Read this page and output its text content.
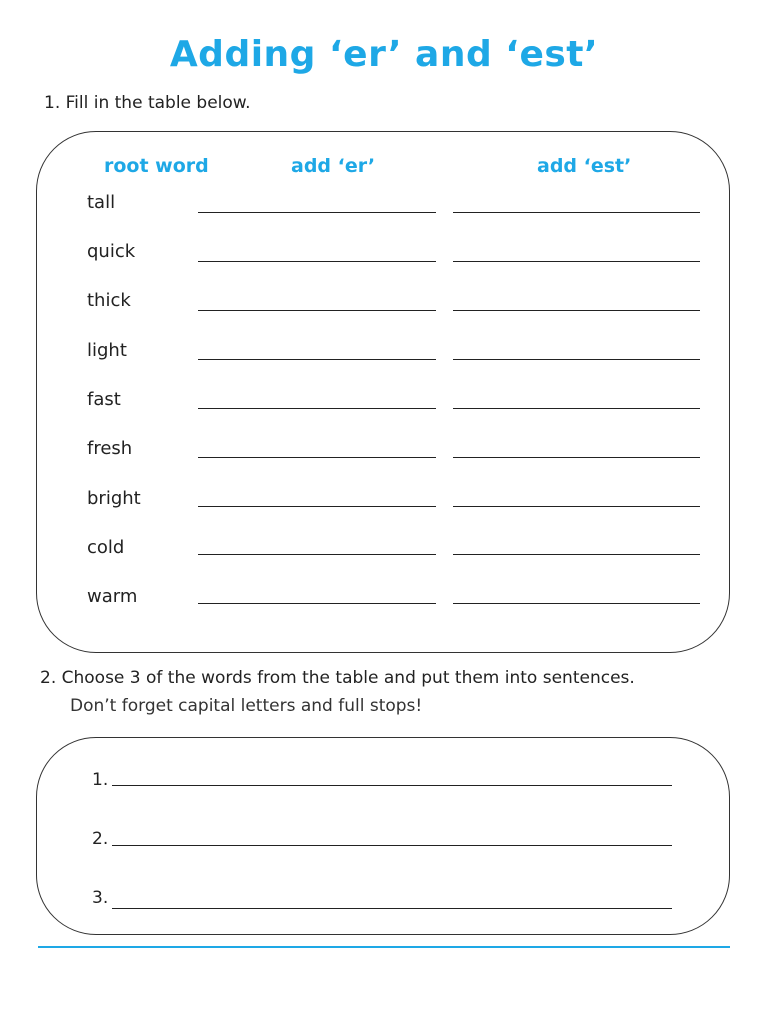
Adding ‘er’ and ‘est’
1. Fill in the table below.
root word	add ‘er’	add ‘est’
tall
quick
thick
light
fast
fresh
bright
cold
warm
2. Choose 3 of the words from the table and put them into sentences.
Don’t forget capital letters and full stops!
1.
2.
3.
